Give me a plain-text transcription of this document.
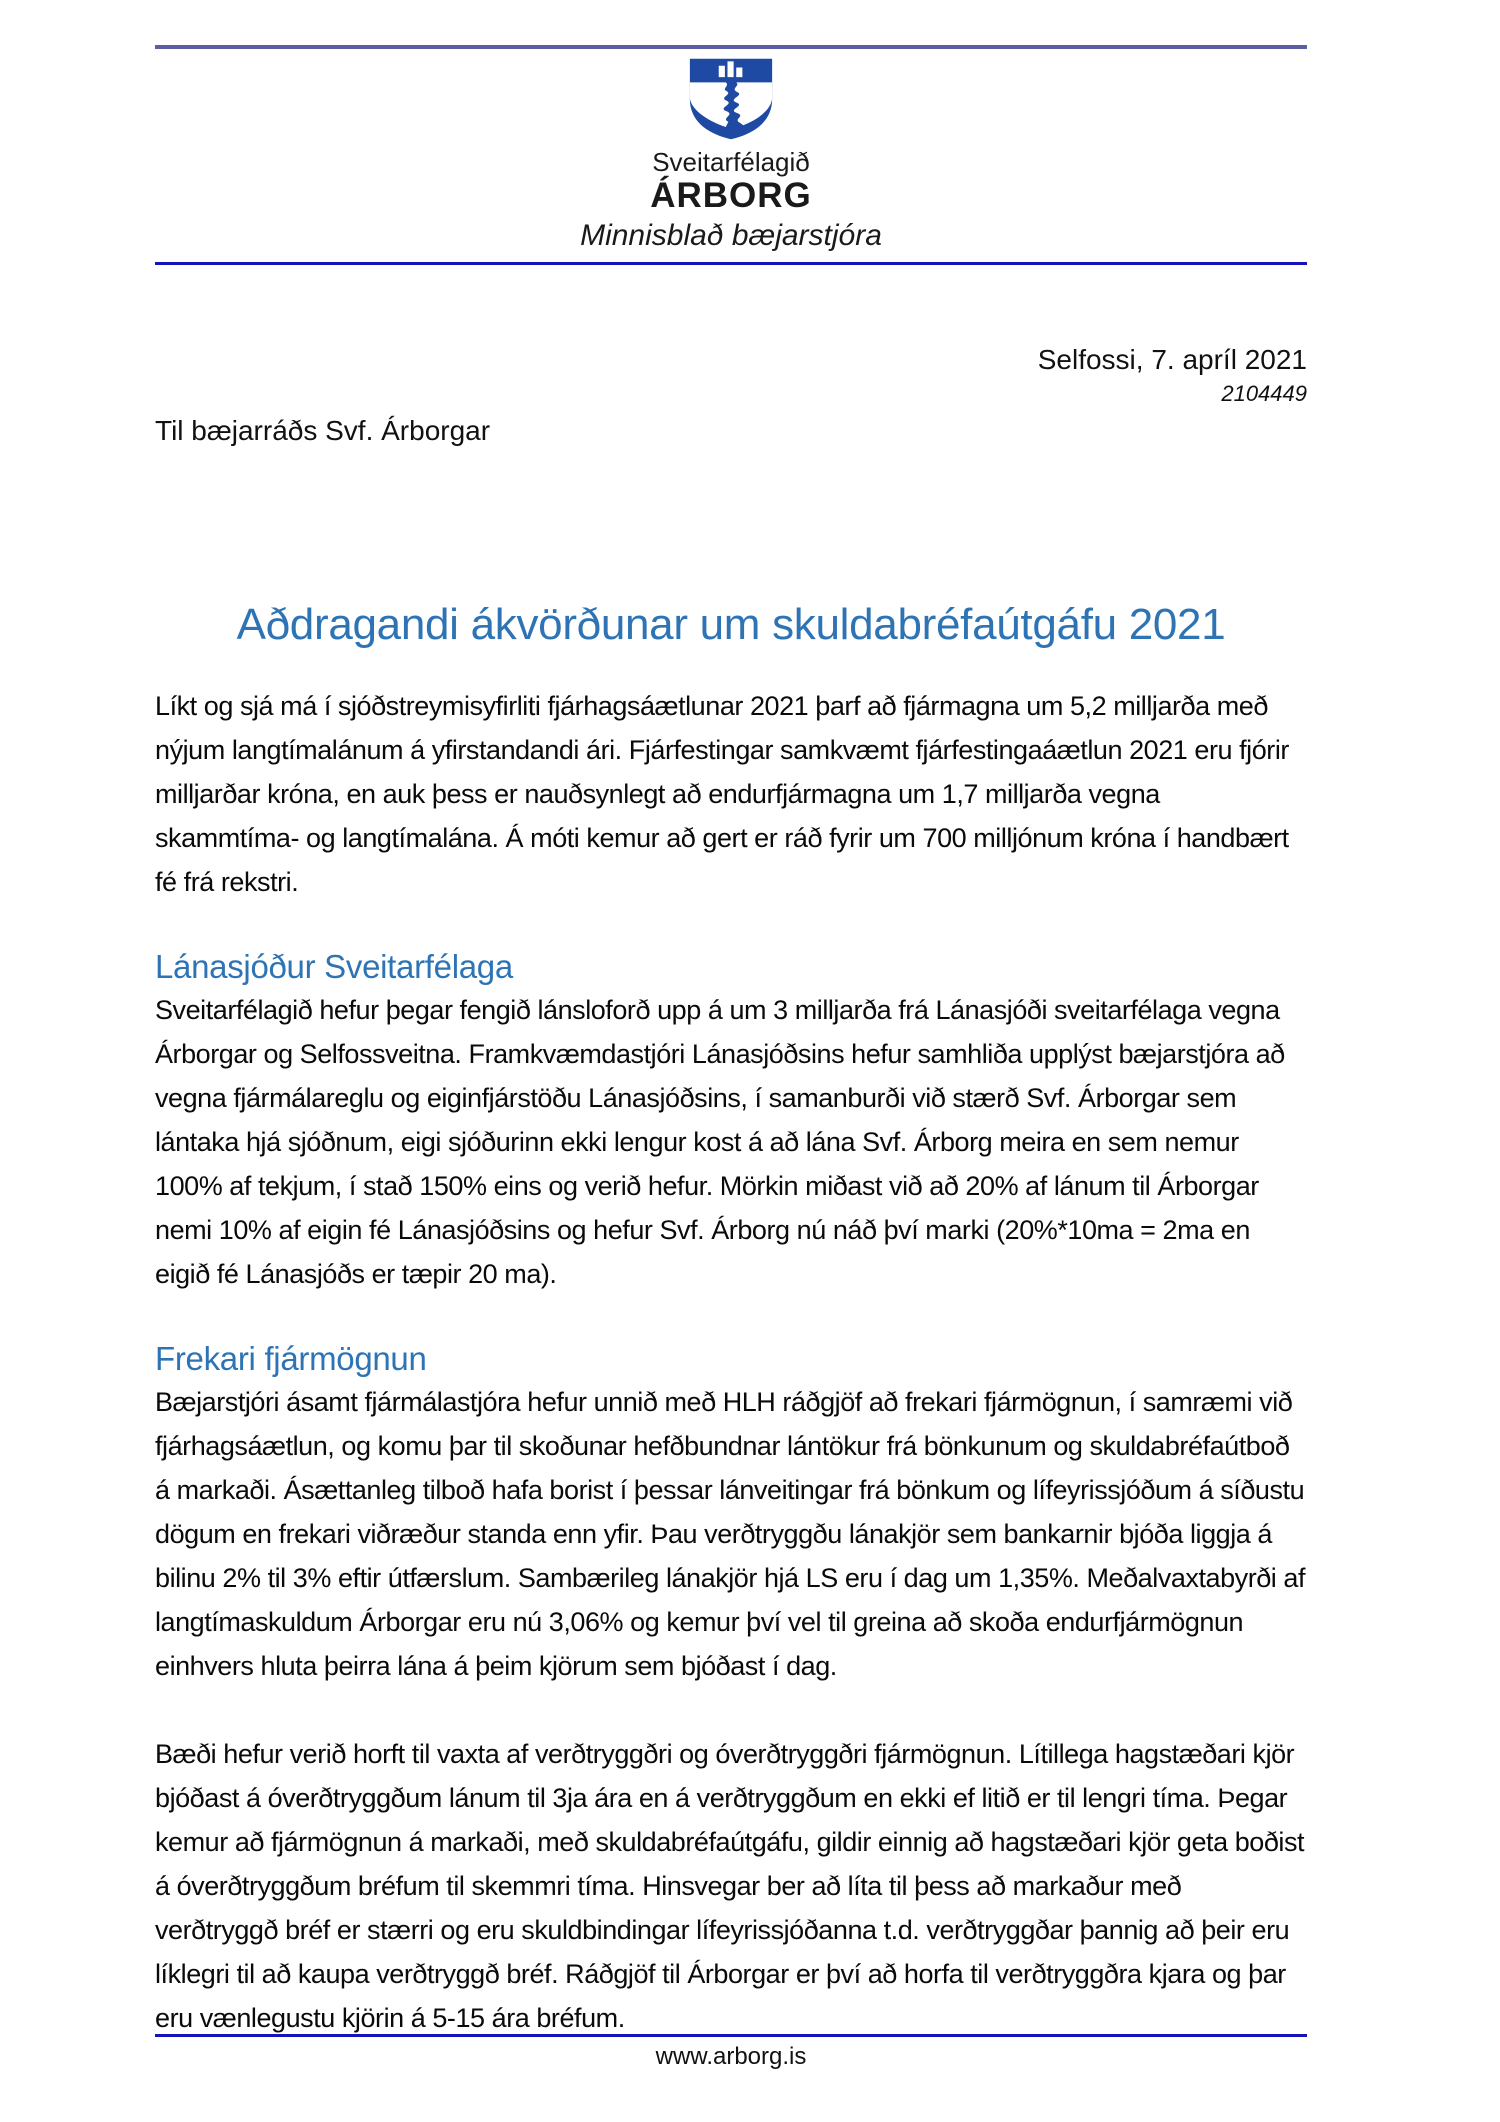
Sveitarfélagið
ÁRBORG
Minnisblað bæjarstjóra
Selfossi, 7. apríl 2021
2104449
Til bæjarráðs Svf. Árborgar
Aðdragandi ákvörðunar um skuldabréfaútgáfu 2021
Líkt og sjá má í sjóðstreymisyfirliti fjárhagsáætlunar 2021 þarf að fjármagna um 5,2 milljarða með nýjum langtímalánum á yfirstandandi ári. Fjárfestingar samkvæmt fjárfestingaáætlun 2021 eru fjórir milljarðar króna, en auk þess er nauðsynlegt að endurfjármagna um 1,7 milljarða vegna skammtíma- og langtímalána. Á móti kemur að gert er ráð fyrir um 700 milljónum króna í handbært fé frá rekstri.
Lánasjóður Sveitarfélaga
Sveitarfélagið hefur þegar fengið lánsloforð upp á um 3 milljarða frá Lánasjóði sveitarfélaga vegna Árborgar og Selfossveitna. Framkvæmdastjóri Lánasjóðsins hefur samhliða upplýst bæjarstjóra að vegna fjármálareglu og eiginfjárstöðu Lánasjóðsins, í samanburði við stærð Svf. Árborgar sem lántaka hjá sjóðnum, eigi sjóðurinn ekki lengur kost á að lána Svf. Árborg meira en sem nemur 100% af tekjum, í stað 150% eins og verið hefur. Mörkin miðast við að 20% af lánum til Árborgar nemi 10% af eigin fé Lánasjóðsins og hefur Svf. Árborg nú náð því marki (20%*10ma = 2ma en eigið fé Lánasjóðs er tæpir 20 ma).
Frekari fjármögnun
Bæjarstjóri ásamt fjármálastjóra hefur unnið með HLH ráðgjöf að frekari fjármögnun, í samræmi við fjárhagsáætlun, og komu þar til skoðunar hefðbundnar lántökur frá bönkunum og skuldabréfaútboð á markaði. Ásættanleg tilboð hafa borist í þessar lánveitingar frá bönkum og lífeyrissjóðum á síðustu dögum en frekari viðræður standa enn yfir. Þau verðtryggðu lánakjör sem bankarnir bjóða liggja á bilinu 2% til 3% eftir útfærslum. Sambærileg lánakjör hjá LS eru í dag um 1,35%. Meðalvaxtabyrði af langtímaskuldum Árborgar eru nú 3,06% og kemur því vel til greina að skoða endurfjármögnun einhvers hluta þeirra lána á þeim kjörum sem bjóðast í dag.
Bæði hefur verið horft til vaxta af verðtryggðri og óverðtryggðri fjármögnun. Lítillega hagstæðari kjör bjóðast á óverðtryggðum lánum til 3ja ára en á verðtryggðum en ekki ef litið er til lengri tíma. Þegar kemur að fjármögnun á markaði, með skuldabréfaútgáfu, gildir einnig að hagstæðari kjör geta boðist á óverðtryggðum bréfum til skemmri tíma. Hinsvegar ber að líta til þess að markaður með verðtryggð bréf er stærri og eru skuldbindingar lífeyrissjóðanna t.d. verðtryggðar þannig að þeir eru líklegri til að kaupa verðtryggð bréf. Ráðgjöf til Árborgar er því að horfa til verðtryggðra kjara og þar eru vænlegustu kjörin á 5-15 ára bréfum.
www.arborg.is
